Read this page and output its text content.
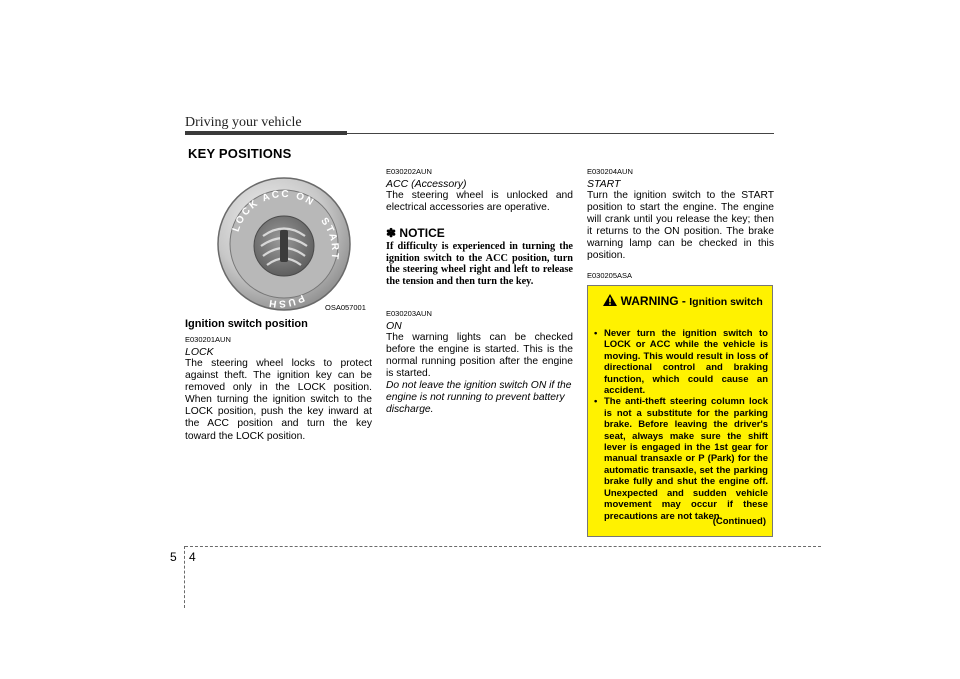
Driving your vehicle
KEY POSITIONS
LOCK ACC ON
START
PUSH	OSA057001
Ignition switch position
E030201AUN
LOCK
The steering wheel locks to protect against theft. The ignition key can be removed only in the LOCK position. When turning the ignition switch to the LOCK position, push the key inward at the ACC position and turn the key toward the LOCK position.
E030202AUN
ACC (Accessory)
The steering wheel is unlocked and electrical accessories are operative.
✽ NOTICE
If difficulty is experienced in turning the ignition switch to the ACC position, turn the steering wheel right and left to release the tension and then turn the key.
E030203AUN
ON
The warning lights can be checked before the engine is started. This is the normal running position after the engine is started.
Do not leave the ignition switch ON if the engine is not running to prevent battery discharge.
E030204AUN
START
Turn the ignition switch to the START position to start the engine. The engine will crank until you release the key; then it returns to the ON position. The brake warning lamp can be checked in this position.
E030205ASA
WARNING - Ignition switch
• Never turn the ignition switch to LOCK or ACC while the vehicle is moving. This would result in loss of directional control and braking function, which could cause an accident.
• The anti-theft steering column lock is not a substitute for the parking brake. Before leaving the driver's seat, always make sure the shift lever is engaged in the 1st gear for manual transaxle or P (Park) for the automatic transaxle, set the parking brake fully and shut the engine off. Unexpected and sudden vehicle movement may occur if these precautions are not taken.
(Continued)
5 4
